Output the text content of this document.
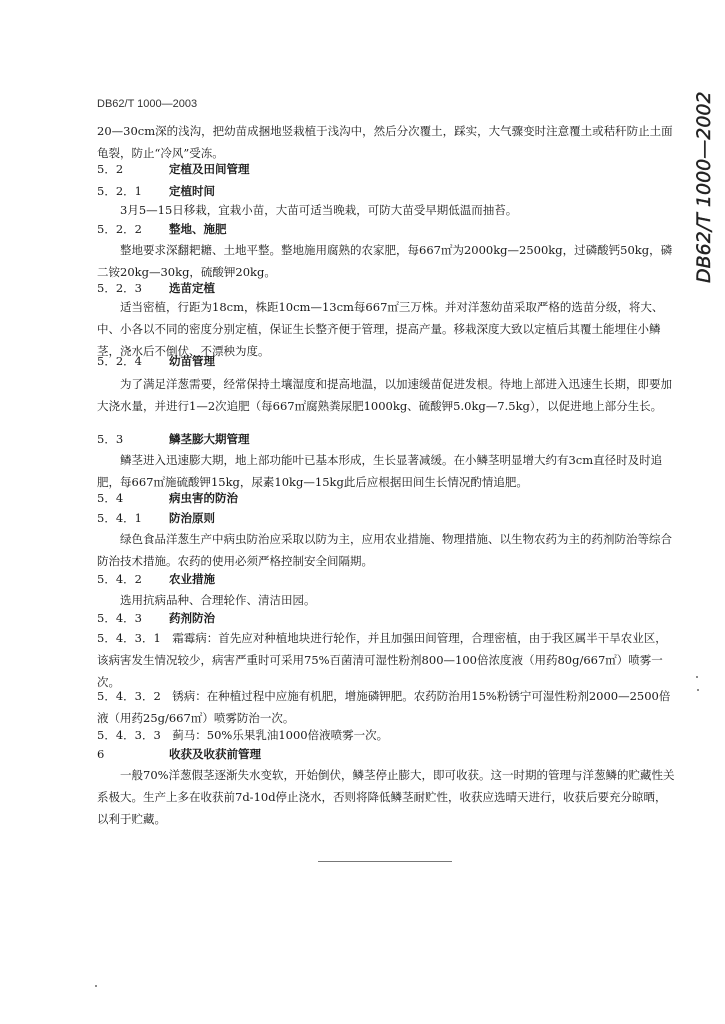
DB62/T 1000—2003	DB62/T 1000—2002
20—30cm深的浅沟，把幼苗成捆地竖栽植于浅沟中，然后分次覆土，踩实，大气骤变时注意覆土或秸秆防止土面龟裂，防止“冷风”受冻。
5．2	定植及田间管理
5．2．1 定植时间
3月5—15日移栽，宜栽小苗，大苗可适当晚栽，可防大苗受早期低温而抽苔。
5．2．2 整地、施肥
整地要求深翻耙耱、土地平整。整地施用腐熟的农家肥，每667㎡为2000kg—2500kg，过磷酸钙50kg，磷二铵20kg—30kg，硫酸钾20kg。
5．2．3 选苗定植
适当密植，行距为18cm，株距10cm—13cm每667㎡三万株。并对洋葱幼苗采取严格的选苗分级，将大、中、小各以不同的密度分别定植，保证生长整齐便于管理，提高产量。移栽深度大致以定植后其覆土能埋住小鳞茎，浇水后不倒伏、不漂秧为度。
5．2．4 幼苗管理
为了满足洋葱需要，经常保持土壤湿度和提高地温，以加速缓苗促进发根。待地上部进入迅速生长期，即要加大浇水量，并进行1—2次追肥（每667㎡腐熟粪尿肥1000kg、硫酸钾5.0kg—7.5kg），以促进地上部分生长。
5．3	鳞茎膨大期管理
鳞茎进入迅速膨大期，地上部功能叶已基本形成，生长显著减缓。在小鳞茎明显增大约有3cm直径时及时追肥，每667㎡施硫酸钾15kg，尿素10kg—15kg此后应根据田间生长情况酌情追肥。
5．4	病虫害的防治
5．4．1 防治原则
绿色食品洋葱生产中病虫防治应采取以防为主，应用农业措施、物理措施、以生物农药为主的药剂防治等综合防治技术措施。农药的使用必须严格控制安全间隔期。
5．4．2 农业措施
选用抗病品种、合理轮作、清洁田园。
5．4．3 药剂防治
5．4．3．1　霜霉病：首先应对种植地块进行轮作，并且加强田间管理，合理密植，由于我区属半干旱农业区，该病害发生情况较少，病害严重时可采用75%百菌清可湿性粉剂800—100倍浓度液（用药80g/667㎡）喷雾一次。
5．4．3．2　锈病：在种植过程中应施有机肥，增施磷钾肥。农药防治用15%粉锈宁可湿性粉剂2000—2500倍液（用药25g/667㎡）喷雾防治一次。
5．4．3．3　蓟马：50%乐果乳油1000倍液喷雾一次。
6	收获及收获前管理
一般70%洋葱假茎逐渐失水变软，开始倒伏，鳞茎停止膨大，即可收获。这一时期的管理与洋葱鳞的贮藏性关系极大。生产上多在收获前7d-10d停止浇水，否则将降低鳞茎耐贮性，收获应选晴天进行，收获后要充分晾晒，以利于贮藏。
